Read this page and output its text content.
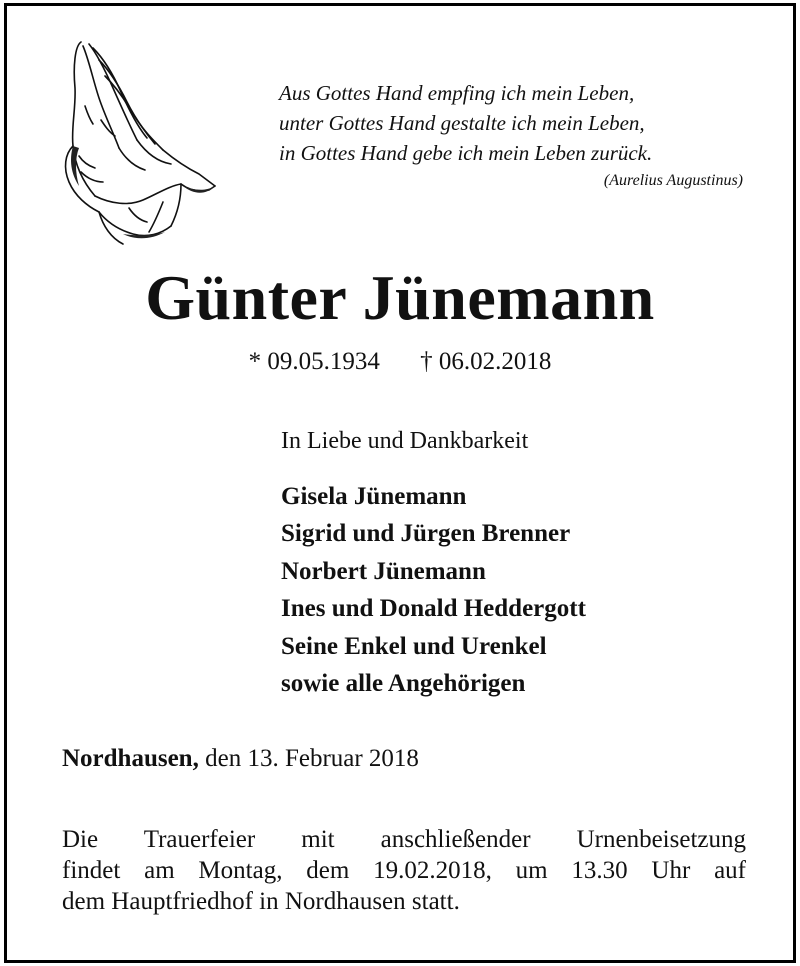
Aus Gottes Hand empfing ich mein Leben,
unter Gottes Hand gestalte ich mein Leben,
in Gottes Hand gebe ich mein Leben zurück.
(Aurelius Augustinus)
Günter Jünemann
* 09.05.1934 † 06.02.2018
In Liebe und Dankbarkeit
Gisela Jünemann
Sigrid und Jürgen Brenner
Norbert Jünemann
Ines und Donald Heddergott
Seine Enkel und Urenkel
sowie alle Angehörigen
Nordhausen, den 13. Februar 2018
Die Trauerfeier mit anschließender Urnenbeisetzung
findet am Montag, dem 19.02.2018, um 13.30 Uhr auf
dem Hauptfriedhof in Nordhausen statt.
